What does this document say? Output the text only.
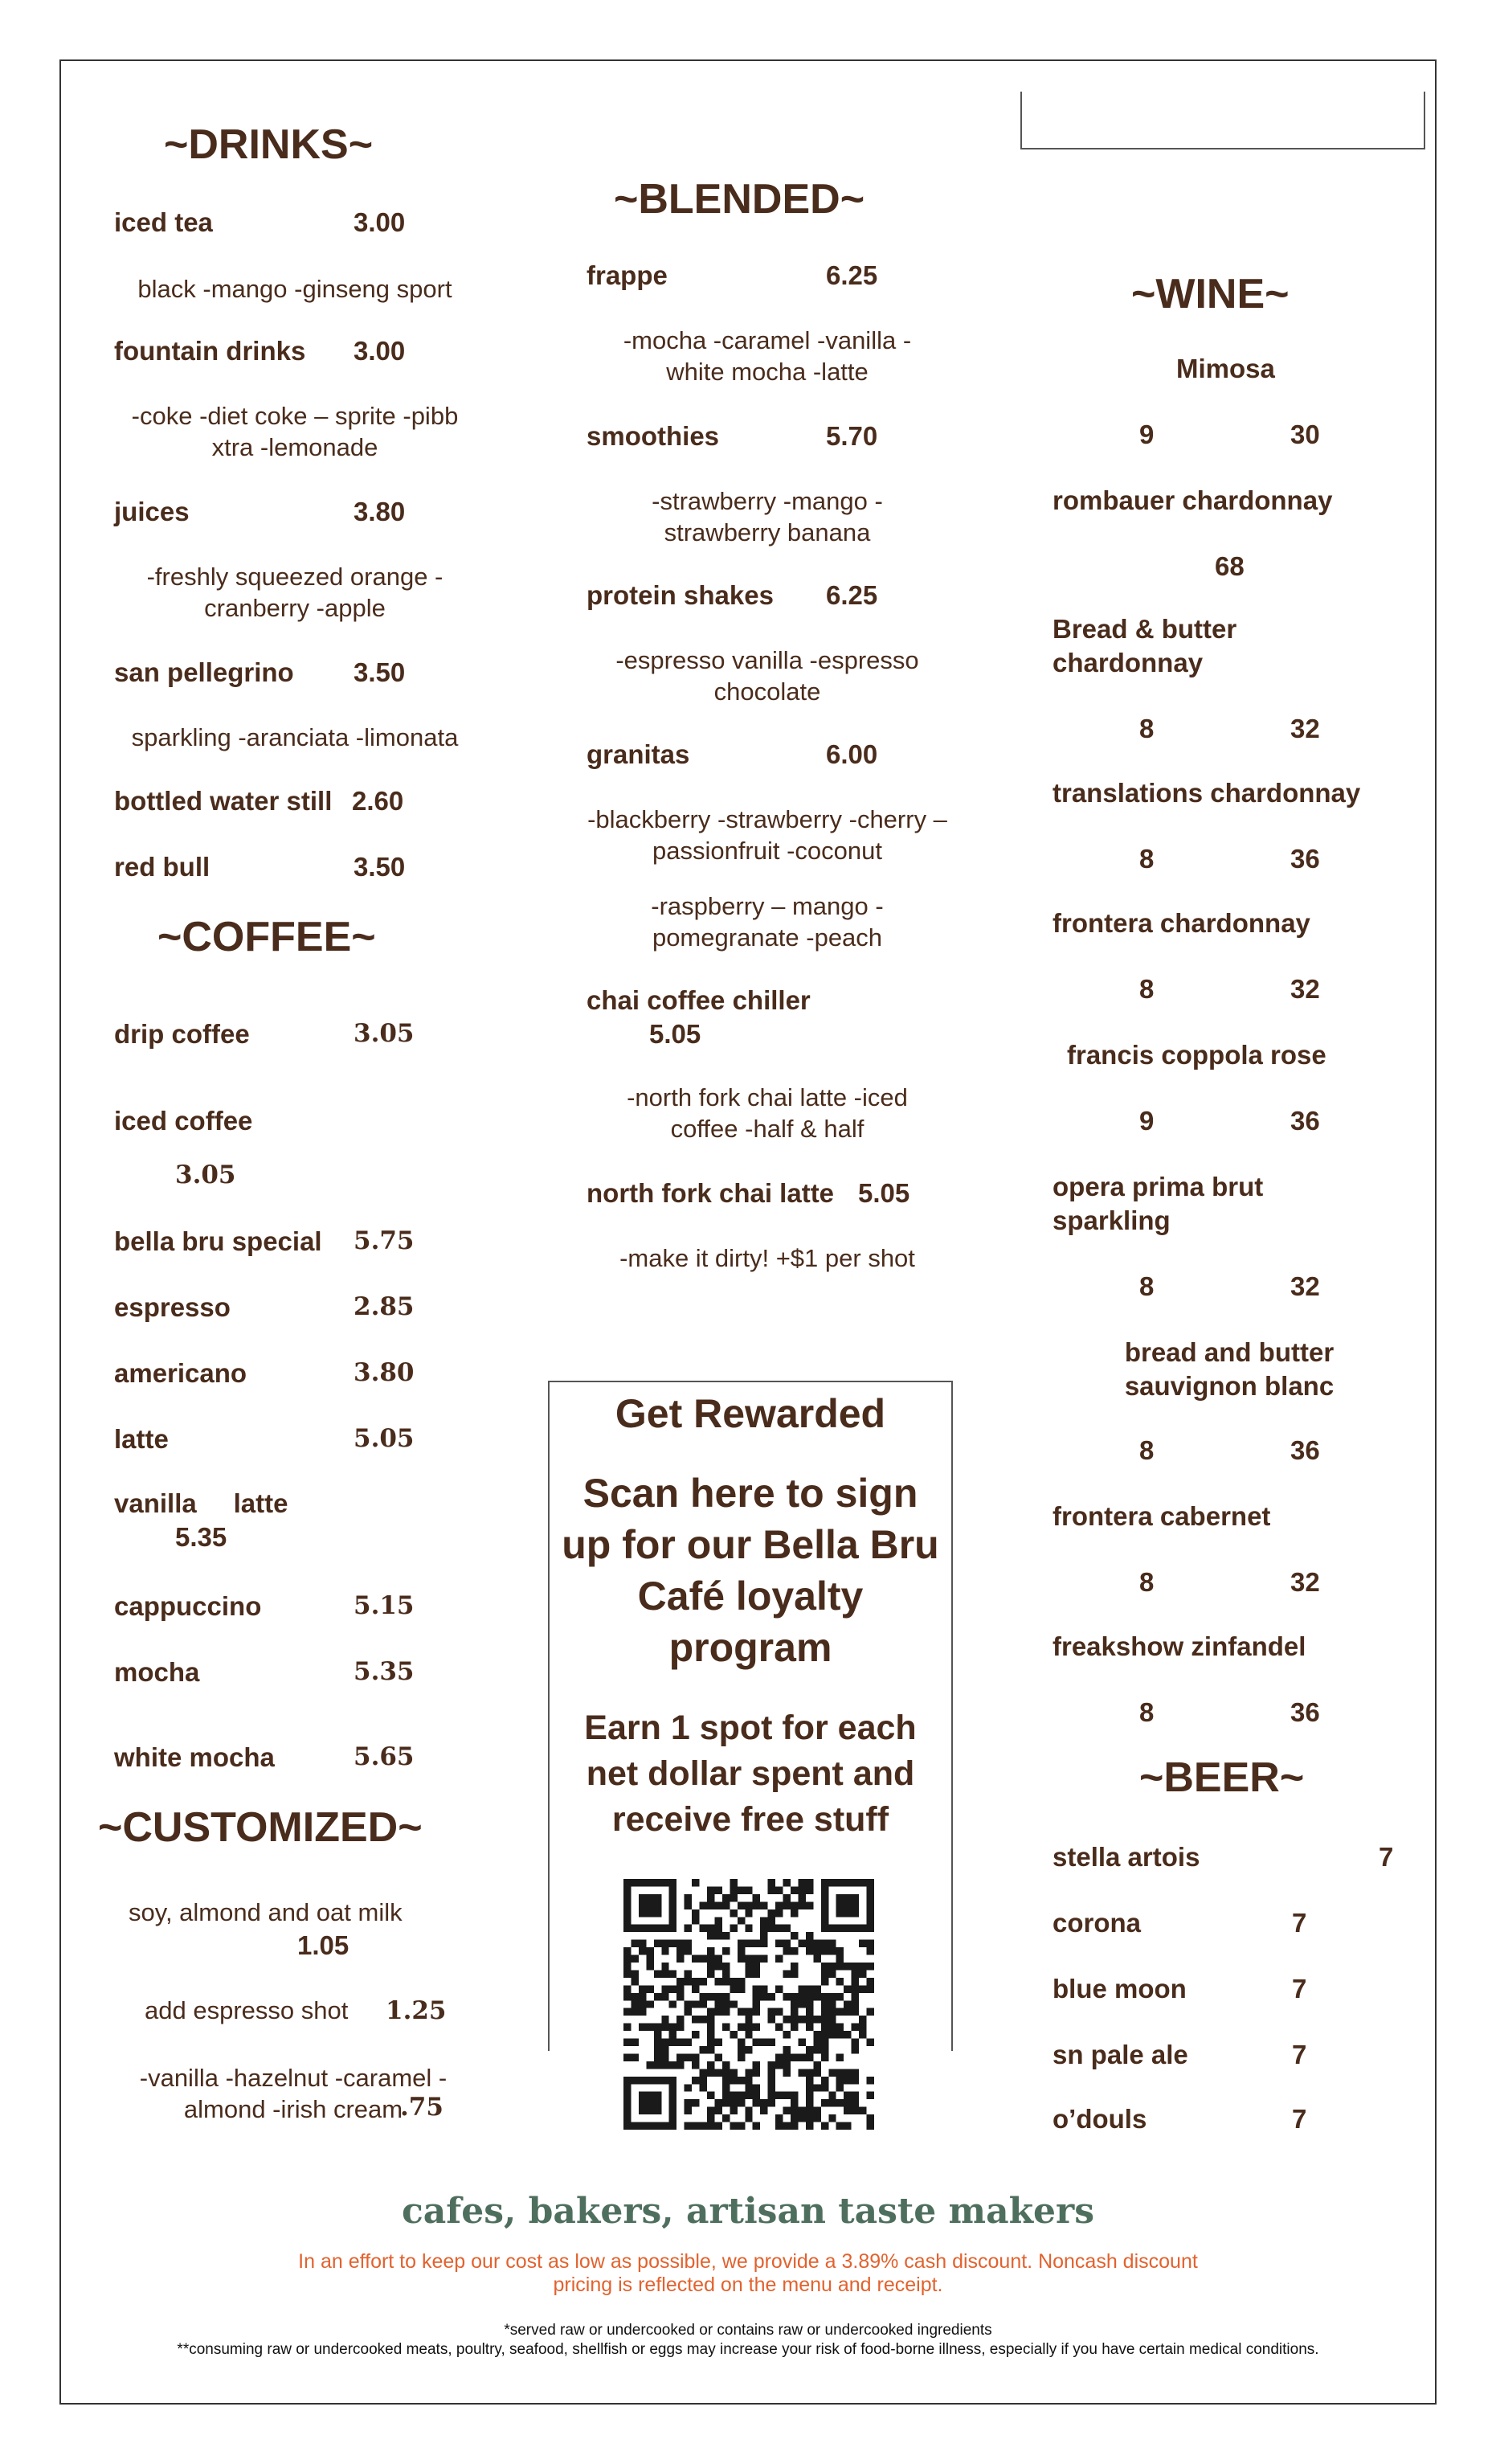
~DRINKS~
iced tea	3.00
black -mango -ginseng sport
fountain drinks 3.00
-coke -diet coke – sprite -pibb xtra -lemonade
juices	3.80
-freshly squeezed orange -cranberry -apple
san pellegrino 3.50
sparkling -aranciata -limonata
bottled water still 2.60
red bull	3.50
~COFFEE~
drip coffee	3.05
iced coffee
3.05
bella bru special 5.75
espresso	2.85
americano	3.80
latte	5.05
vanilla     latte
5.35
cappuccino	5.15
mocha	5.35
white mocha	5.65
~CUSTOMIZED~
soy, almond and oat milk
1.05
add espresso shot 1.25
-vanilla -hazelnut -caramel -almond -irish cream
.75
~BLENDED~
frappe	6.25
-mocha -caramel -vanilla -white mocha -latte
smoothies	5.70
-strawberry -mango -strawberry banana
protein shakes 6.25
-espresso vanilla -espresso chocolate
granitas	6.00
-blackberry -strawberry -cherry – passionfruit -coconut
-raspberry – mango -pomegranate -peach
chai coffee chiller
5.05
-north fork chai latte -iced coffee -half & half
north fork chai latte 5.05
-make it dirty! +$1 per shot
Get Rewarded
Scan here to sign up for our Bella Bru Café loyalty program
Earn 1 spot for each net dollar spent and receive free stuff
~WINE~
Mimosa
9	30
rombauer chardonnay
68
Bread & butter chardonnay
8	32
translations chardonnay
8	36
frontera chardonnay
8	32
francis coppola rose
9	36
opera prima brut sparkling
8	32
bread and butter sauvignon blanc
8	36
frontera cabernet
8	32
freakshow zinfandel
8	36
~BEER~
stella artois	7
corona	7
blue moon	7
sn pale ale	7
o’douls	7
cafes, bakers, artisan taste makers
In an effort to keep our cost as low as possible, we provide a 3.89% cash discount. Noncash discount pricing is reflected on the menu and receipt.
*served raw or undercooked or contains raw or undercooked ingredients
**consuming raw or undercooked meats, poultry, seafood, shellfish or eggs may increase your risk of food-borne illness, especially if you have certain medical conditions.
